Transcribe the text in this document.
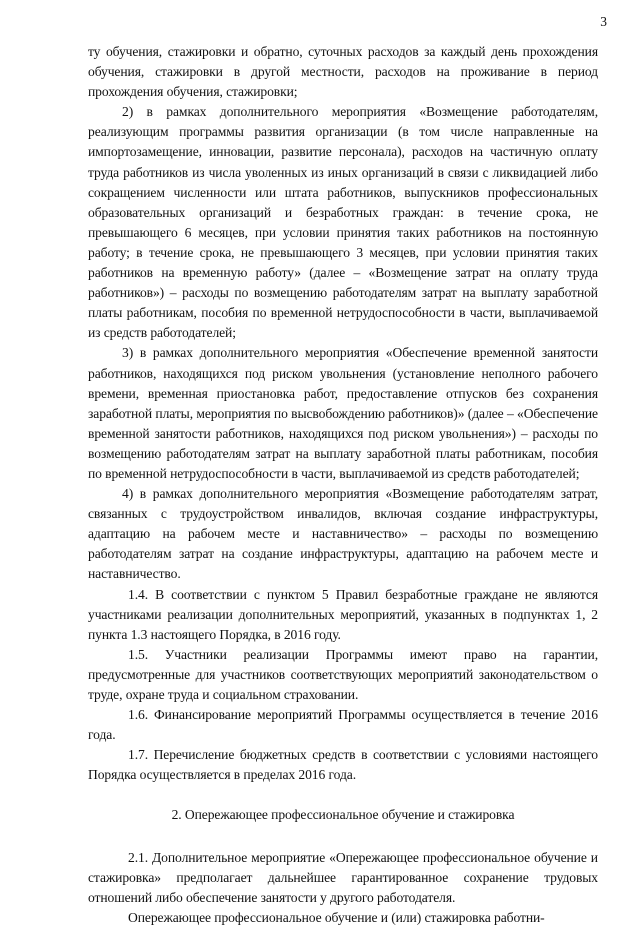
3

ту обучения, стажировки и обратно, суточных расходов за каждый день прохождения обучения, стажировки в другой местности, расходов на проживание в период прохождения обучения, стажировки;

2) в рамках дополнительного мероприятия «Возмещение работодателям, реализующим программы развития организации (в том числе направленные на импортозамещение, инновации, развитие персонала), расходов на частичную оплату труда работников из числа уволенных из иных организаций в связи с ликвидацией либо сокращением численности или штата работников, выпускников профессиональных образовательных организаций и безработных граждан: в течение срока, не превышающего 6 месяцев, при условии принятия таких работников на постоянную работу; в течение срока, не превышающего 3 месяцев, при условии принятия таких работников на временную работу» (далее – «Возмещение затрат на оплату труда работников») – расходы по возмещению работодателям затрат на выплату заработной платы работникам, пособия по временной нетрудоспособности в части, выплачиваемой из средств работодателей;

3) в рамках дополнительного мероприятия «Обеспечение временной занятости работников, находящихся под риском увольнения (установление неполного рабочего времени, временная приостановка работ, предоставление отпусков без сохранения заработной платы, мероприятия по высвобождению работников)» (далее – «Обеспечение временной занятости работников, находящихся под риском увольнения») – расходы по возмещению работодателям затрат на выплату заработной платы работникам, пособия по временной нетрудоспособности в части, выплачиваемой из средств работодателей;

4) в рамках дополнительного мероприятия «Возмещение работодателям затрат, связанных с трудоустройством инвалидов, включая создание инфраструктуры, адаптацию на рабочем месте и наставничество» – расходы по возмещению работодателям затрат на создание инфраструктуры, адаптацию на рабочем месте и наставничество.

1.4. В соответствии с пунктом 5 Правил безработные граждане не являются участниками реализации дополнительных мероприятий, указанных в подпунктах 1, 2 пункта 1.3 настоящего Порядка, в 2016 году.

1.5. Участники реализации Программы имеют право на гарантии, предусмотренные для участников соответствующих мероприятий законодательством о труде, охране труда и социальном страховании.

1.6. Финансирование мероприятий Программы осуществляется в течение 2016 года.

1.7. Перечисление бюджетных средств в соответствии с условиями настоящего Порядка осуществляется в пределах 2016 года.

2. Опережающее профессиональное обучение и стажировка

2.1. Дополнительное мероприятие «Опережающее профессиональное обучение и стажировка» предполагает дальнейшее гарантированное сохранение трудовых отношений либо обеспечение занятости у другого работодателя.

Опережающее профессиональное обучение и (или) стажировка работни-
